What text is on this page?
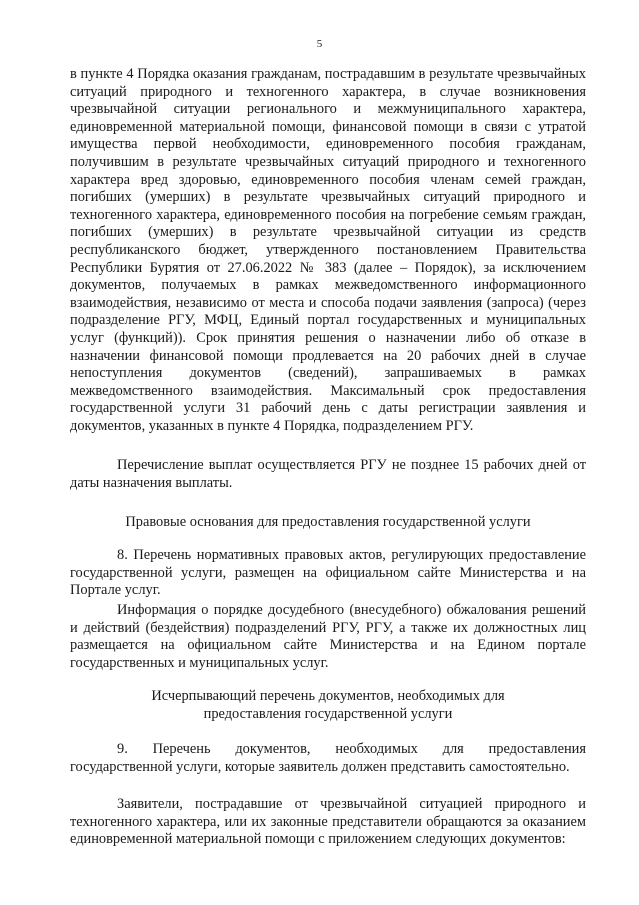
5
в пункте 4 Порядка оказания гражданам, пострадавшим в результате чрезвычайных ситуаций природного и техногенного характера, в случае возникновения чрезвычайной ситуации регионального и межмуниципального характера, единовременной материальной помощи, финансовой помощи в связи с утратой имущества первой необходимости, единовременного пособия гражданам, получившим в результате чрезвычайных ситуаций природного и техногенного характера вред здоровью, единовременного пособия членам семей граждан, погибших (умерших) в результате чрезвычайных ситуаций природного и техногенного характера, единовременного пособия на погребение семьям граждан, погибших (умерших) в результате чрезвычайной ситуации из средств республиканского бюджет, утвержденного постановлением Правительства Республики Бурятия от 27.06.2022 № 383 (далее – Порядок), за исключением документов, получаемых в рамках межведомственного информационного взаимодействия, независимо от места и способа подачи заявления (запроса) (через подразделение РГУ, МФЦ, Единый портал государственных и муниципальных услуг (функций)). Срок принятия решения о назначении либо об отказе в назначении финансовой помощи продлевается на 20 рабочих дней в случае непоступления документов (сведений), запрашиваемых в рамках межведомственного взаимодействия. Максимальный срок предоставления государственной услуги 31 рабочий день с даты регистрации заявления и документов, указанных в пункте 4 Порядка, подразделением РГУ.
Перечисление выплат осуществляется РГУ не позднее 15 рабочих дней от даты назначения выплаты.
Правовые основания для предоставления государственной услуги
8. Перечень нормативных правовых актов, регулирующих предоставление государственной услуги, размещен на официальном сайте Министерства и на Портале услуг.
Информация о порядке досудебного (внесудебного) обжалования решений и действий (бездействия) подразделений РГУ, РГУ, а также их должностных лиц размещается на официальном сайте Министерства и на Едином портале государственных и муниципальных услуг.
Исчерпывающий перечень документов, необходимых для
предоставления государственной услуги
9. Перечень документов, необходимых для предоставления государственной услуги, которые заявитель должен представить самостоятельно.
Заявители, пострадавшие от чрезвычайной ситуацией природного и техногенного характера, или их законные представители обращаются за оказанием единовременной материальной помощи с приложением следующих документов:
